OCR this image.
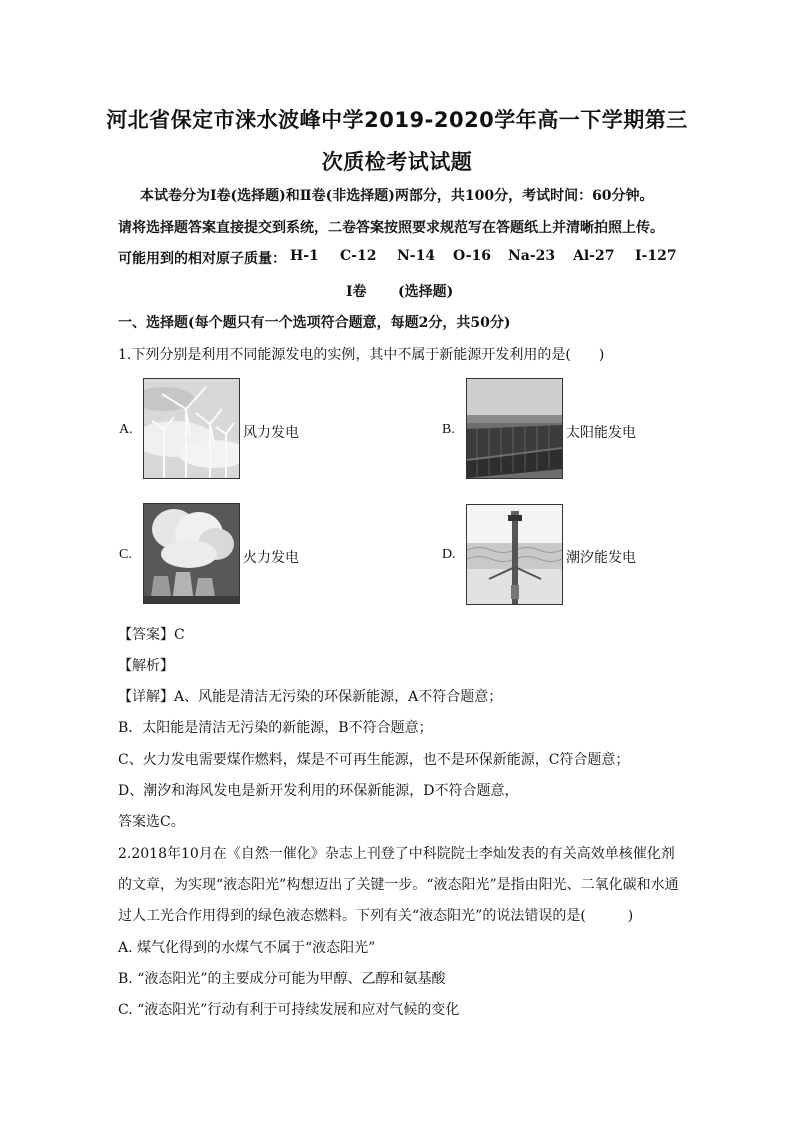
河北省保定市涞水波峰中学2019-2020学年高一下学期第三
次质检考试试题
本试卷分为Ⅰ卷(选择题)和Ⅱ卷(非选择题)两部分，共100分，考试时间：60分钟。
请将选择题答案直接提交到系统，二卷答案按照要求规范写在答题纸上并清晰拍照上传。
可能用到的相对原子质量： H-1 C-12 N-14 O-16 Na-23 Al-27 I-127
Ⅰ卷 (选择题)
一、选择题(每个题只有一个选项符合题意，每题2分，共50分)
1.下列分别是利用不同能源发电的实例，其中不属于新能源开发利用的是(　　)
A.	风力发电	B.	太阳能发电
C.	火力发电	D.	潮汐能发电
【答案】C
【解析】
【详解】A、风能是清洁无污染的环保新能源，A不符合题意；
B．太阳能是清洁无污染的新能源，B不符合题意；
C、火力发电需要煤作燃料，煤是不可再生能源，也不是环保新能源，C符合题意；
D、潮汐和海风发电是新开发利用的环保新能源，D不符合题意，
答案选C。
2.2018年10月在《自然一催化》杂志上刊登了中科院院士李灿发表的有关高效单核催化剂
的文章，为实现“液态阳光”构想迈出了关键一步。“液态阳光”是指由阳光、二氧化碳和水通
过人工光合作用得到的绿色液态燃料。下列有关“液态阳光”的说法错误的是(　　　)
A. 煤气化得到的水煤气不属于“液态阳光”
B. “液态阳光”的主要成分可能为甲醇、乙醇和氨基酸
C. “液态阳光”行动有利于可持续发展和应对气候的变化
